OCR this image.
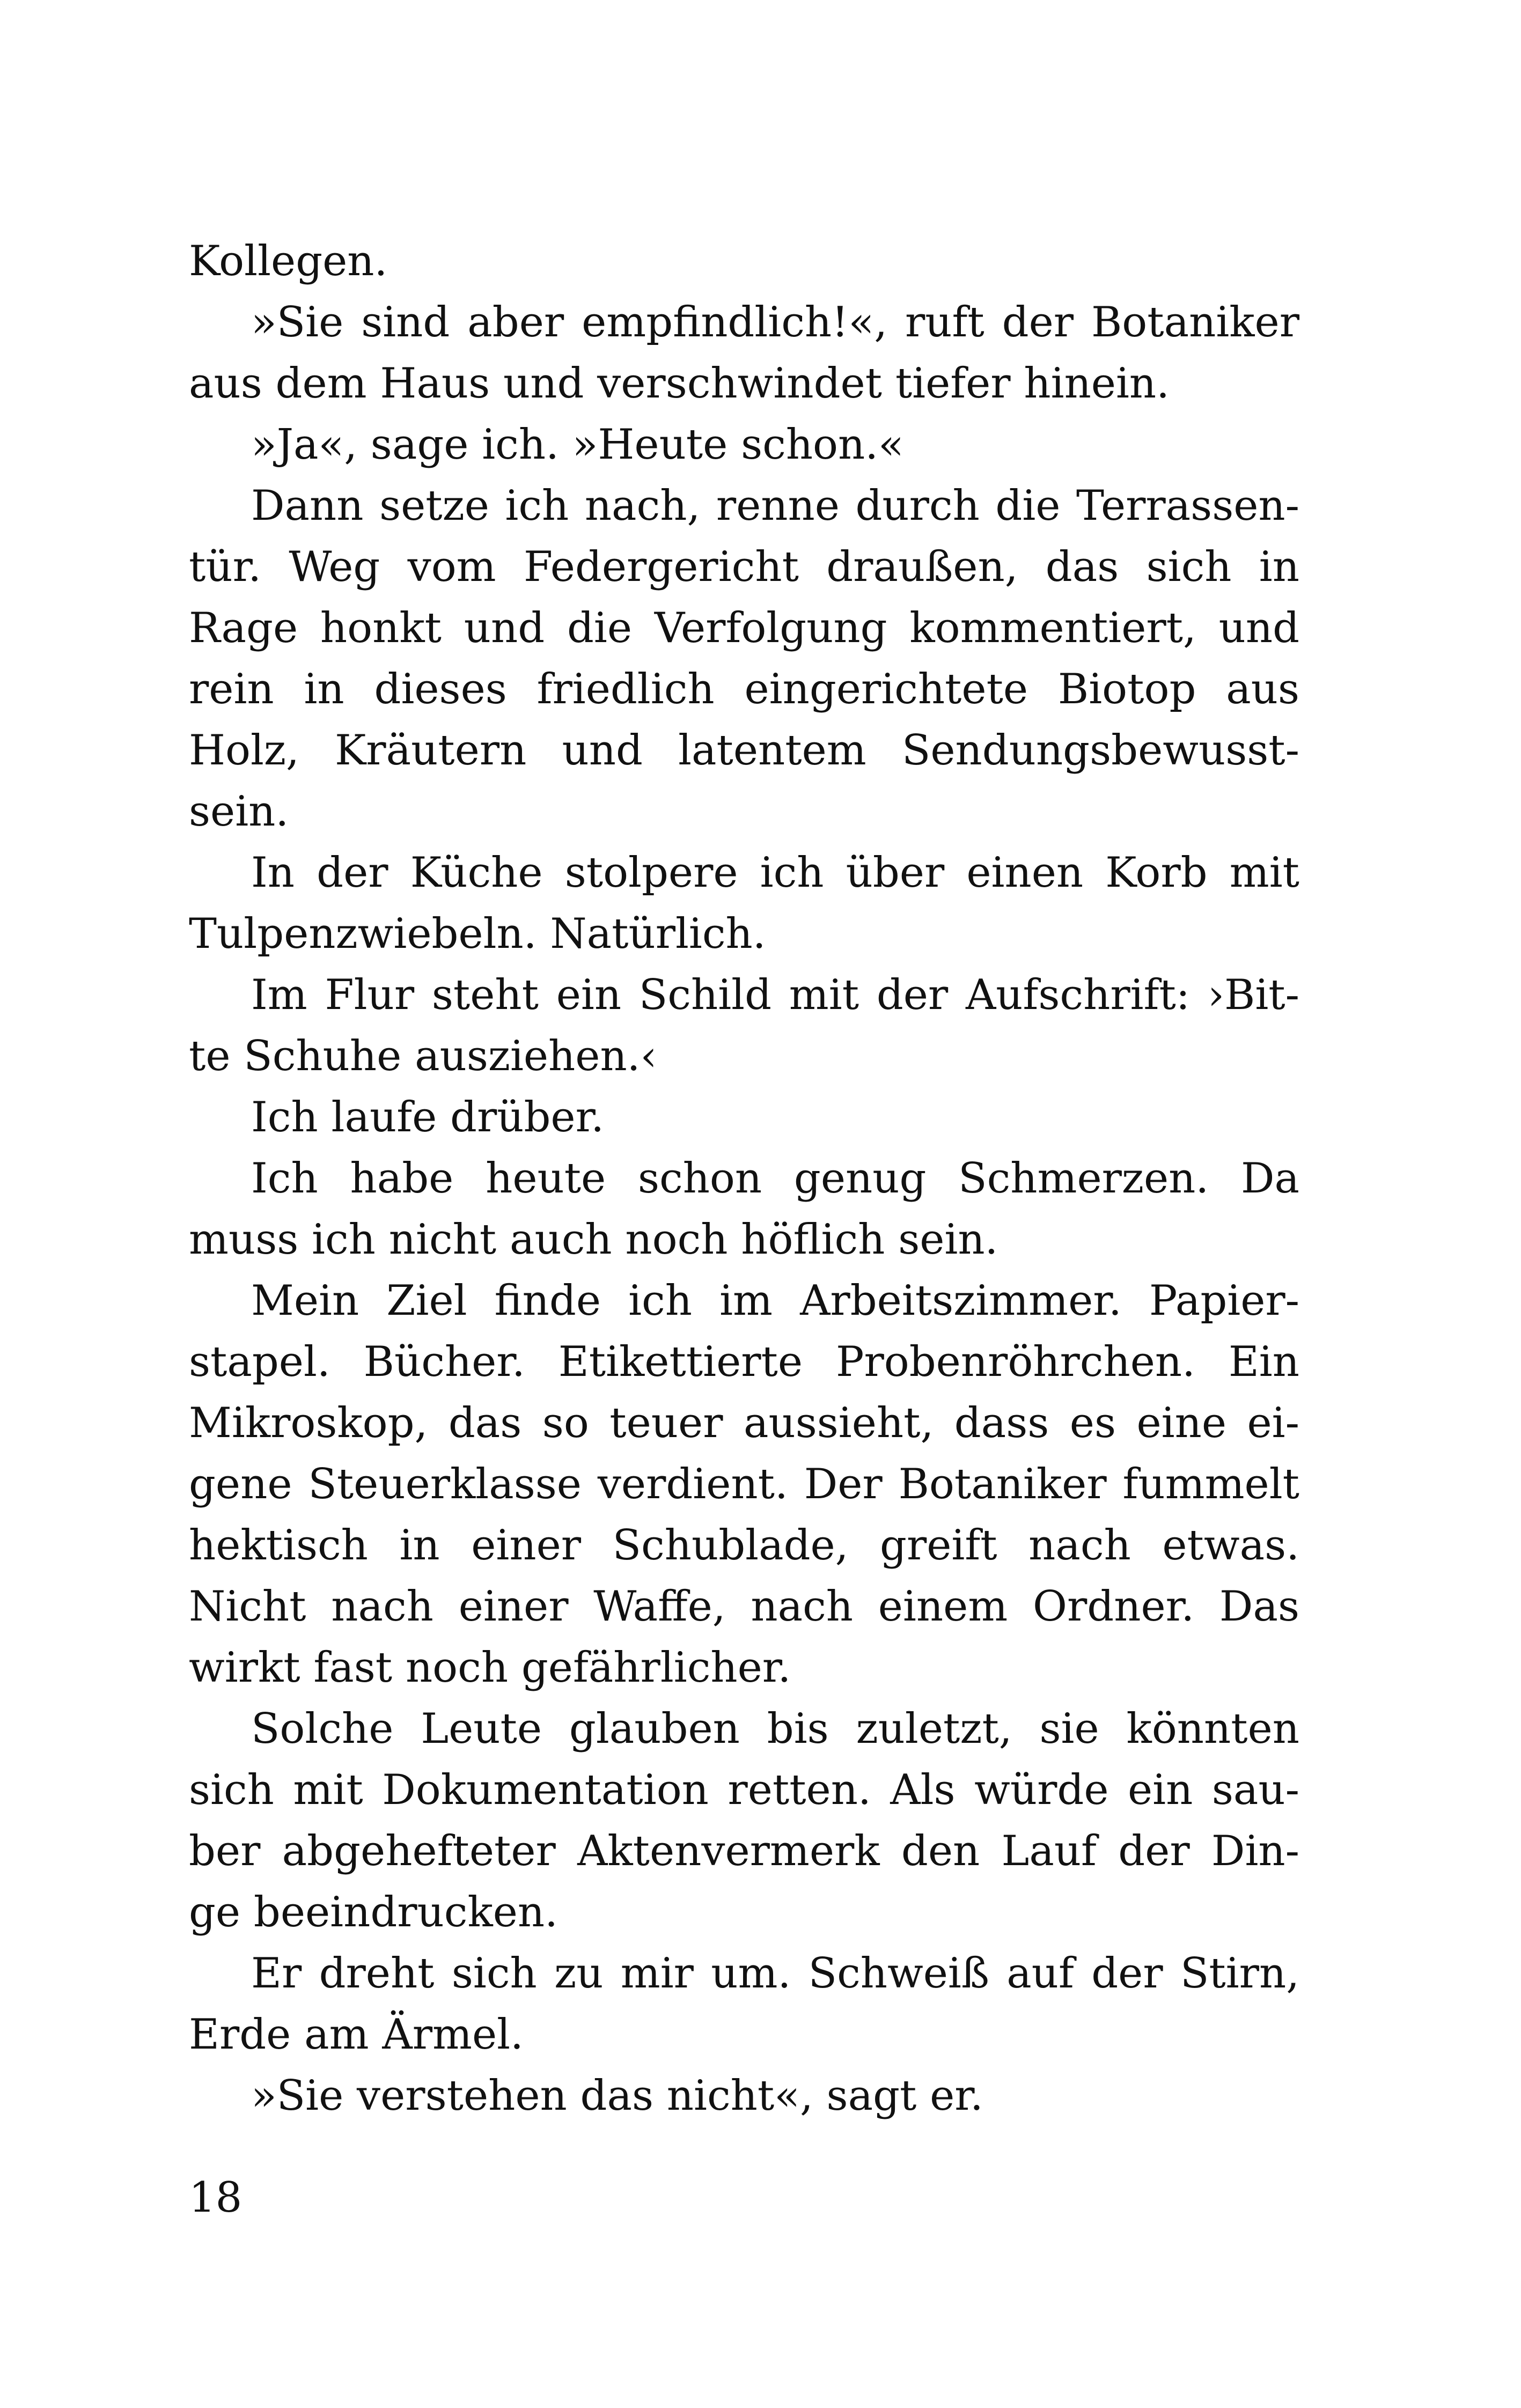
Kollegen.
»Sie sind aber empfindlich!«, ruft der Botaniker
aus dem Haus und verschwindet tiefer hinein.
»Ja«, sage ich. »Heute schon.«
Dann setze ich nach, renne durch die Terrassen-
tür. Weg vom Federgericht draußen, das sich in
Rage honkt und die Verfolgung kommentiert, und
rein in dieses friedlich eingerichtete Biotop aus
Holz, Kräutern und latentem Sendungsbewusst-
sein.
In der Küche stolpere ich über einen Korb mit
Tulpenzwiebeln. Natürlich.
Im Flur steht ein Schild mit der Aufschrift: ›Bit-
te Schuhe ausziehen.‹
Ich laufe drüber.
Ich habe heute schon genug Schmerzen. Da
muss ich nicht auch noch höflich sein.
Mein Ziel finde ich im Arbeitszimmer. Papier-
stapel. Bücher. Etikettierte Probenröhrchen. Ein
Mikroskop, das so teuer aussieht, dass es eine ei-
gene Steuerklasse verdient. Der Botaniker fummelt
hektisch in einer Schublade, greift nach etwas.
Nicht nach einer Waffe, nach einem Ordner. Das
wirkt fast noch gefährlicher.
Solche Leute glauben bis zuletzt, sie könnten
sich mit Dokumentation retten. Als würde ein sau-
ber abgehefteter Aktenvermerk den Lauf der Din-
ge beeindrucken.
Er dreht sich zu mir um. Schweiß auf der Stirn,
Erde am Ärmel.
»Sie verstehen das nicht«, sagt er.
18
